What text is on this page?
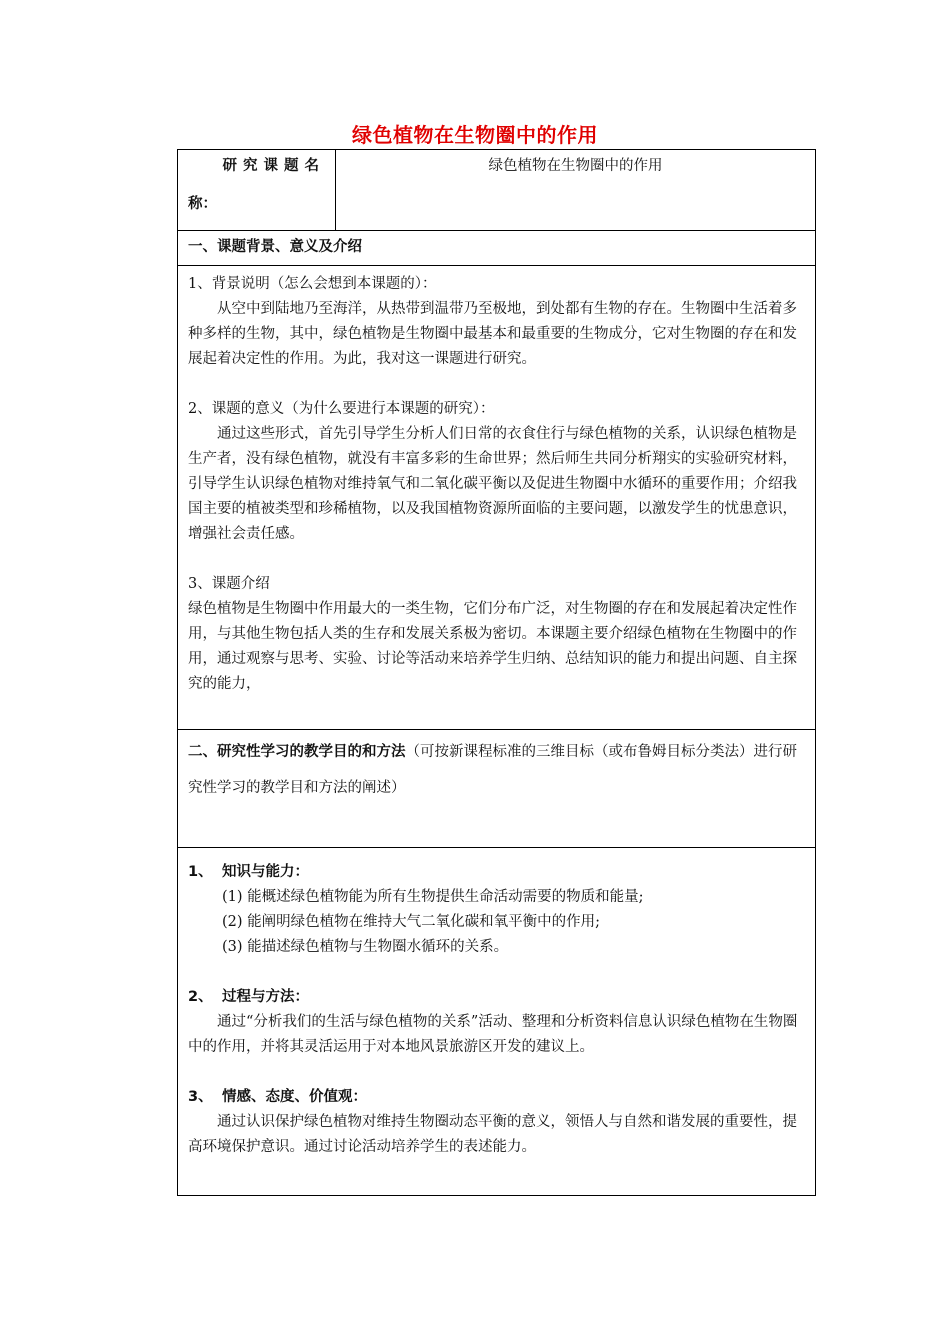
绿色植物在生物圈中的作用
研究课题名
称：
	绿色植物在生物圈中的作用
一、课题背景、意义及介绍

1、背景说明（怎么会想到本课题的）：

从空中到陆地乃至海洋，从热带到温带乃至极地，到处都有生物的存在。生物圈中生活着多种多样的生物，其中，绿色植物是生物圈中最基本和最重要的生物成分，它对生物圈的存在和发展起着决定性的作用。为此，我对这一课题进行研究。

2、课题的意义（为什么要进行本课题的研究）：

通过这些形式，首先引导学生分析人们日常的衣食住行与绿色植物的关系，认识绿色植物是生产者，没有绿色植物，就没有丰富多彩的生命世界；然后师生共同分析翔实的实验研究材料，引导学生认识绿色植物对维持氧气和二氧化碳平衡以及促进生物圈中水循环的重要作用；介绍我国主要的植被类型和珍稀植物，以及我国植物资源所面临的主要问题，以激发学生的忧患意识，增强社会责任感。

3、课题介绍

绿色植物是生物圈中作用最大的一类生物，它们分布广泛，对生物圈的存在和发展起着决定性作用，与其他生物包括人类的生存和发展关系极为密切。本课题主要介绍绿色植物在生物圈中的作用，通过观察与思考、实验、讨论等活动来培养学生归纳、总结知识的能力和提出问题、自主探究的能力，

二、研究性学习的教学目的和方法（可按新课程标准的三维目标（或布鲁姆目标分类法）进行研究性学习的教学目和方法的阐述）

1、 知识与能力：

(1) 能概述绿色植物能为所有生物提供生命活动需要的物质和能量;

(2) 能阐明绿色植物在维持大气二氧化碳和氧平衡中的作用;

(3) 能描述绿色植物与生物圈水循环的关系。

2、 过程与方法：

通过“分析我们的生活与绿色植物的关系”活动、整理和分析资料信息认识绿色植物在生物圈中的作用，并将其灵活运用于对本地风景旅游区开发的建议上。

3、 情感、态度、价值观：

通过认识保护绿色植物对维持生物圈动态平衡的意义，领悟人与自然和谐发展的重要性，提高环境保护意识。通过讨论活动培养学生的表述能力。
